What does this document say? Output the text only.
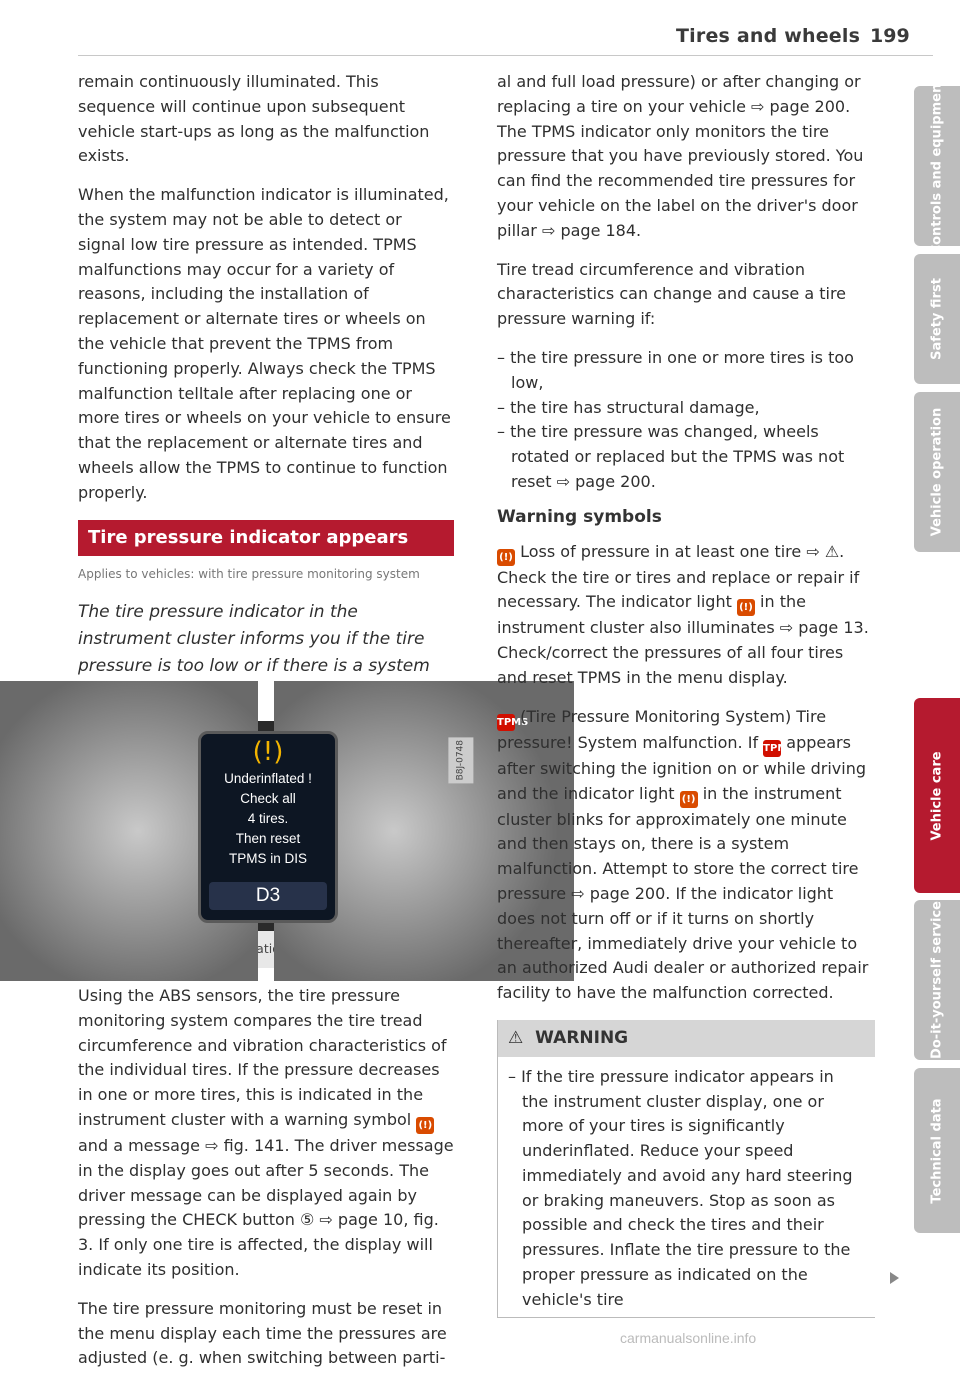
Tires and wheels 199

remain continuously illuminated. This sequence will continue upon subsequent vehicle start-ups as long as the malfunction exists.

When the malfunction indicator is illuminated, the system may not be able to detect or signal low tire pressure as intended. TPMS malfunctions may occur for a variety of reasons, including the installation of replacement or alternate tires or wheels on the vehicle that prevent the TPMS from functioning properly. Always check the TPMS malfunction telltale after replacing one or more tires or wheels on your vehicle to ensure that the replacement or alternate tires and wheels allow the TPMS to continue to function properly.

Tire pressure indicator appears
Applies to vehicles: with tire pressure monitoring system
The tire pressure indicator in the instrument cluster informs you if the tire pressure is too low or if there is a system
(!)
Underinflated !
Check all
4 tires.
Then reset
TPMS in DIS
D3
B8J-0748

Using the ABS sensors, the tire pressure monitoring system compares the tire tread circumference and vibration characteristics of the individual tires. If the pressure decreases in one or more tires, this is indicated in the instrument cluster with a warning symbol (!) and a message ⇨ fig. 141. The driver message in the display goes out after 5 seconds. The driver message can be displayed again by pressing the CHECK button ⑤ ⇨ page 10, fig. 3. If only one tire is affected, the display will indicate its position.

The tire pressure monitoring must be reset in the menu display each time the pressures are adjusted (e. g. when switching between parti-

al and full load pressure) or after changing or replacing a tire on your vehicle ⇨ page 200. The TPMS indicator only monitors the tire pressure that you have previously stored. You can find the recommended tire pressures for your vehicle on the label on the driver's door pillar ⇨ page 184.

Tire tread circumference and vibration characteristics can change and cause a tire pressure warning if:

– the tire pressure in one or more tires is too low,
– the tire has structural damage,
– the tire pressure was changed, wheels rotated or replaced but the TPMS was not reset ⇨ page 200.
Warning symbols

(!) Loss of pressure in at least one tire ⇨ ⚠. Check the tire or tires and replace or repair if necessary. The indicator light (!) in the instrument cluster also illuminates ⇨ page 13. Check/correct the pressures of all four tires and reset TPMS in the menu display.

TPMS (Tire Pressure Monitoring System) Tire pressure! System malfunction. If TPMS appears after switching the ignition on or while driving and the indicator light (!) in the instrument cluster blinks for approximately one minute and then stays on, there is a system malfunction. Attempt to store the correct tire pressure ⇨ page 200. If the indicator light does not turn off or if it turns on shortly thereafter, immediately drive your vehicle to an authorized Audi dealer or authorized repair facility to have the malfunction corrected.

⚠ WARNING
– If the tire pressure indicator appears in the instrument cluster display, one or more of your tires is significantly underinflated. Reduce your speed immediately and avoid any hard steering or braking maneuvers. Stop as soon as possible and check the tires and their pressures. Inflate the tire pressure to the proper pressure as indicated on the vehicle's tire
Controls and equipment
Safety first
Vehicle operation
Vehicle care
Do-it-yourself service
Technical data
carmanualsonline.info
